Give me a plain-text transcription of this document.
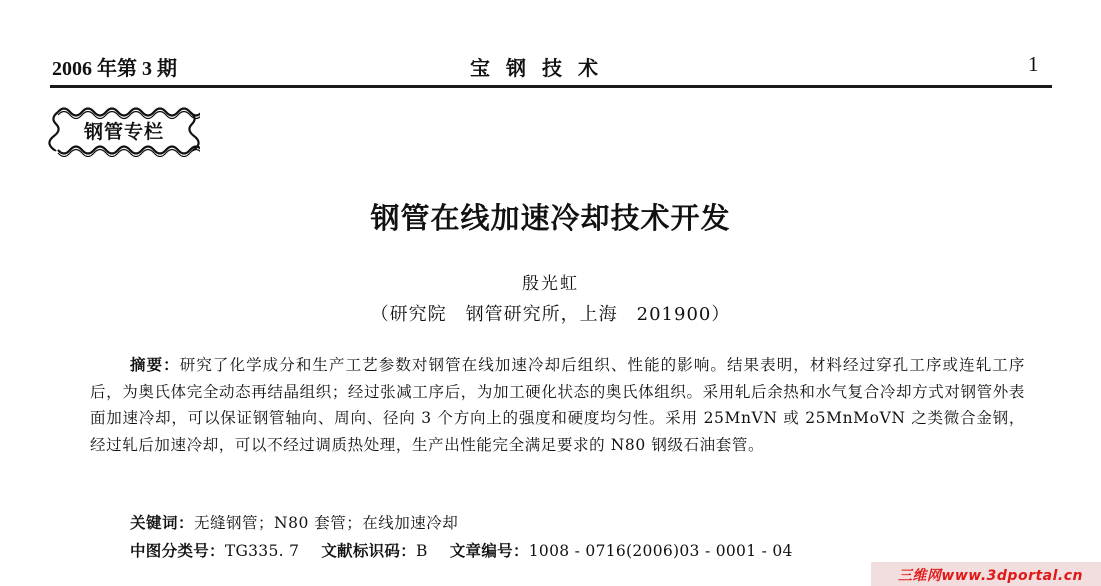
2006 年第 3 期	宝钢技术	1
钢管专栏
钢管在线加速冷却技术开发
殷光虹
（研究院　钢管研究所，上海　201900）
摘要：研究了化学成分和生产工艺参数对钢管在线加速冷却后组织、性能的影响。结果表明，材料经过穿孔工序或连轧工序后，为奥氏体完全动态再结晶组织；经过张减工序后，为加工硬化状态的奥氏体组织。采用轧后余热和水气复合冷却方式对钢管外表面加速冷却，可以保证钢管轴向、周向、径向 3 个方向上的强度和硬度均匀性。采用 25MnVN 或 25MnMoVN 之类微合金钢，经过轧后加速冷却，可以不经过调质热处理，生产出性能完全满足要求的 N80 钢级石油套管。
关键词：无缝钢管；N80 套管；在线加速冷却
中图分类号：TG335. 7 文献标识码：B 文章编号：1008 - 0716(2006)03 - 0001 - 04
三维网www.3dportal.cn
